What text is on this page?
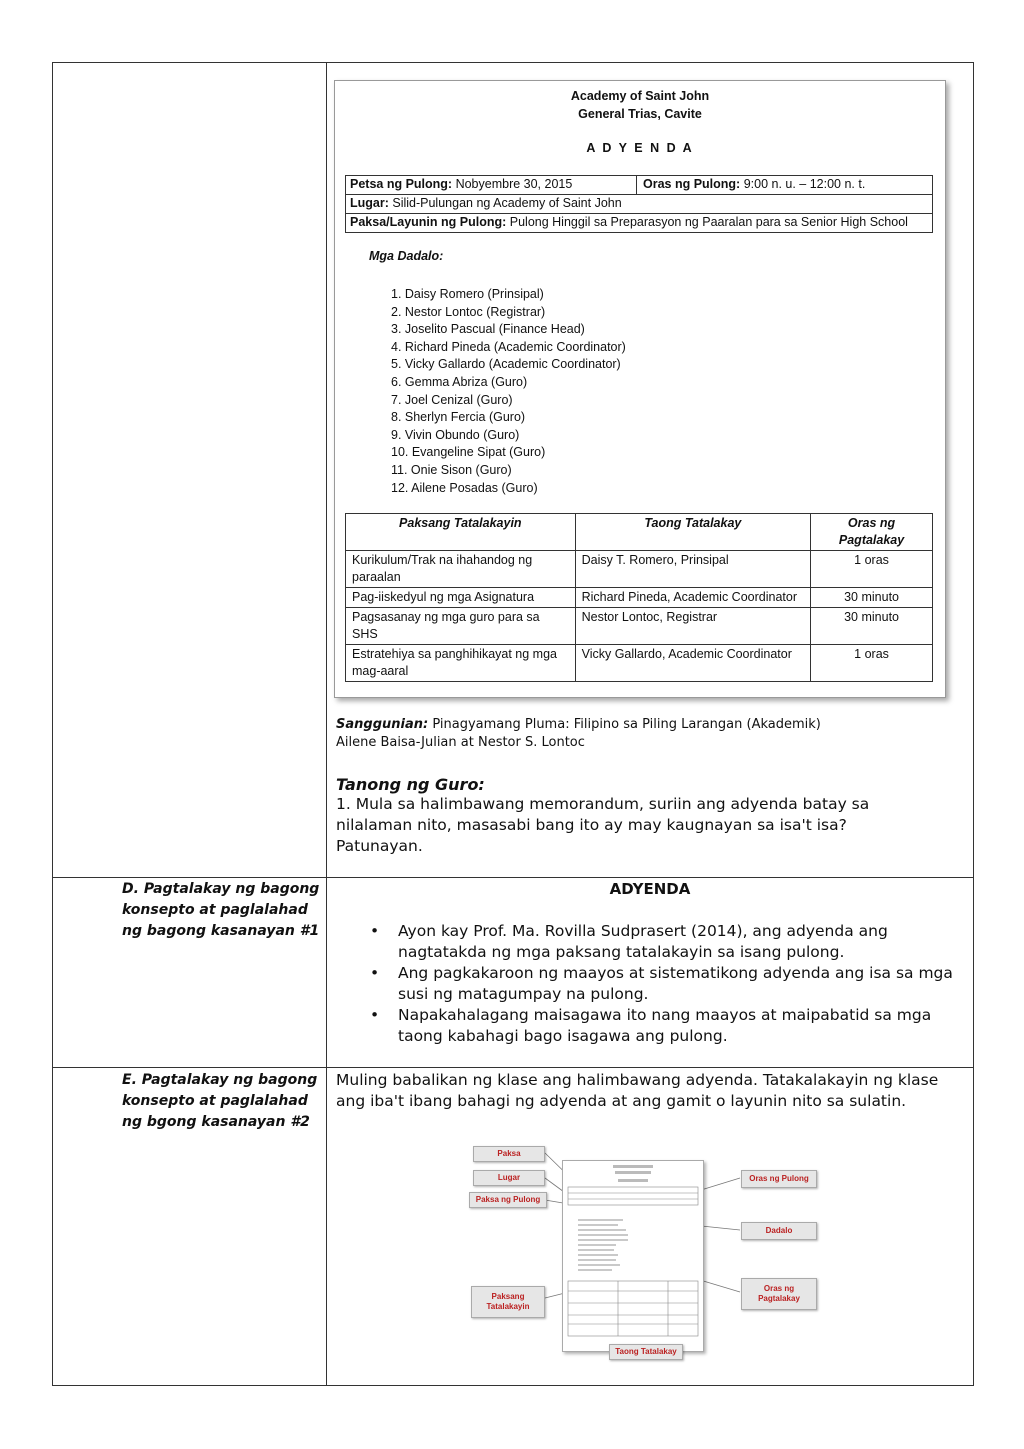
Academy of Saint John
General Trias, Cavite
A D Y E N D A
Petsa ng Pulong: Nobyembre 30, 2015	Oras ng Pulong: 9:00 n. u. – 12:00 n. t.
Lugar: Silid-Pulungan ng Academy of Saint John
Paksa/Layunin ng Pulong: Pulong Hinggil sa Preparasyon ng Paaralan para sa Senior High School
Mga Dadalo:
1. Daisy Romero (Prinsipal)
2. Nestor Lontoc (Registrar)
3. Joselito Pascual (Finance Head)
4. Richard Pineda (Academic Coordinator)
5. Vicky Gallardo (Academic Coordinator)
6. Gemma Abriza (Guro)
7. Joel Cenizal (Guro)
8. Sherlyn Fercia (Guro)
9. Vivin Obundo (Guro)
10. Evangeline Sipat (Guro)
11. Onie Sison (Guro)
12. Ailene Posadas (Guro)
Paksang Tatalakayin	Taong Tatalakay	Oras ng Pagtalakay
Kurikulum/Trak na ihahandog ng paraalan	Daisy T. Romero, Prinsipal	1 oras
Pag-iiskedyul ng mga Asignatura	Richard Pineda, Academic Coordinator	30 minuto
Pagsasanay ng mga guro para sa SHS	Nestor Lontoc, Registrar	30 minuto
Estratehiya sa panghihikayat ng mga mag-aaral	Vicky Gallardo, Academic Coordinator	1 oras
Sanggunian: Pinagyamang Pluma: Filipino sa Piling Larangan (Akademik)
Ailene Baisa-Julian at Nestor S. Lontoc
Tanong ng Guro:
1. Mula sa halimbawang memorandum, suriin ang adyenda batay sa nilalaman nito, masasabi bang ito ay may kaugnayan sa isa't isa? Patunayan.
D. Pagtalakay ng bagong konsepto at paglalahad ng bagong kasanayan #1
ADYENDA
• Ayon kay Prof. Ma. Rovilla Sudprasert (2014), ang adyenda ang nagtatakda ng mga paksang tatalakayin sa isang pulong.
• Ang pagkakaroon ng maayos at sistematikong adyenda ang isa sa mga susi ng matagumpay na pulong.
• Napakahalagang maisagawa ito nang maayos at maipabatid sa mga taong kabahagi bago isagawa ang pulong.
E. Pagtalakay ng bagong konsepto at paglalahad ng bgong kasanayan #2
Muling babalikan ng klase ang halimbawang adyenda. Tatakalakayin ng klase ang iba't ibang bahagi ng adyenda at ang gamit o layunin nito sa sulatin.
Paksa
Lugar
Paksa ng Pulong
Oras ng Pulong
Dadalo
Paksang Tatalakayin
Oras ng Pagtalakay
Taong Tatalakay
